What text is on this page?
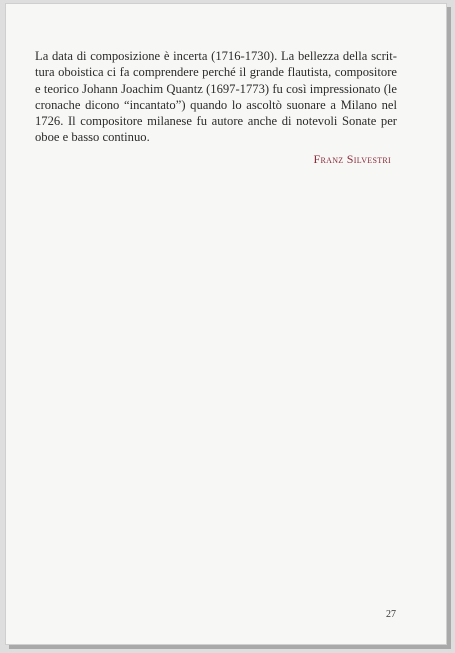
La data di composizione è incerta (1716-1730). La bellezza della scrit-
tura oboistica ci fa comprendere perché il grande flautista, compositore
e teorico Johann Joachim Quantz (1697-1773) fu così impressionato (le
cronache dicono “incantato”) quando lo ascoltò suonare a Milano nel
1726. Il compositore milanese fu autore anche di notevoli Sonate per
oboe e basso continuo.

Franz Silvestri
27
